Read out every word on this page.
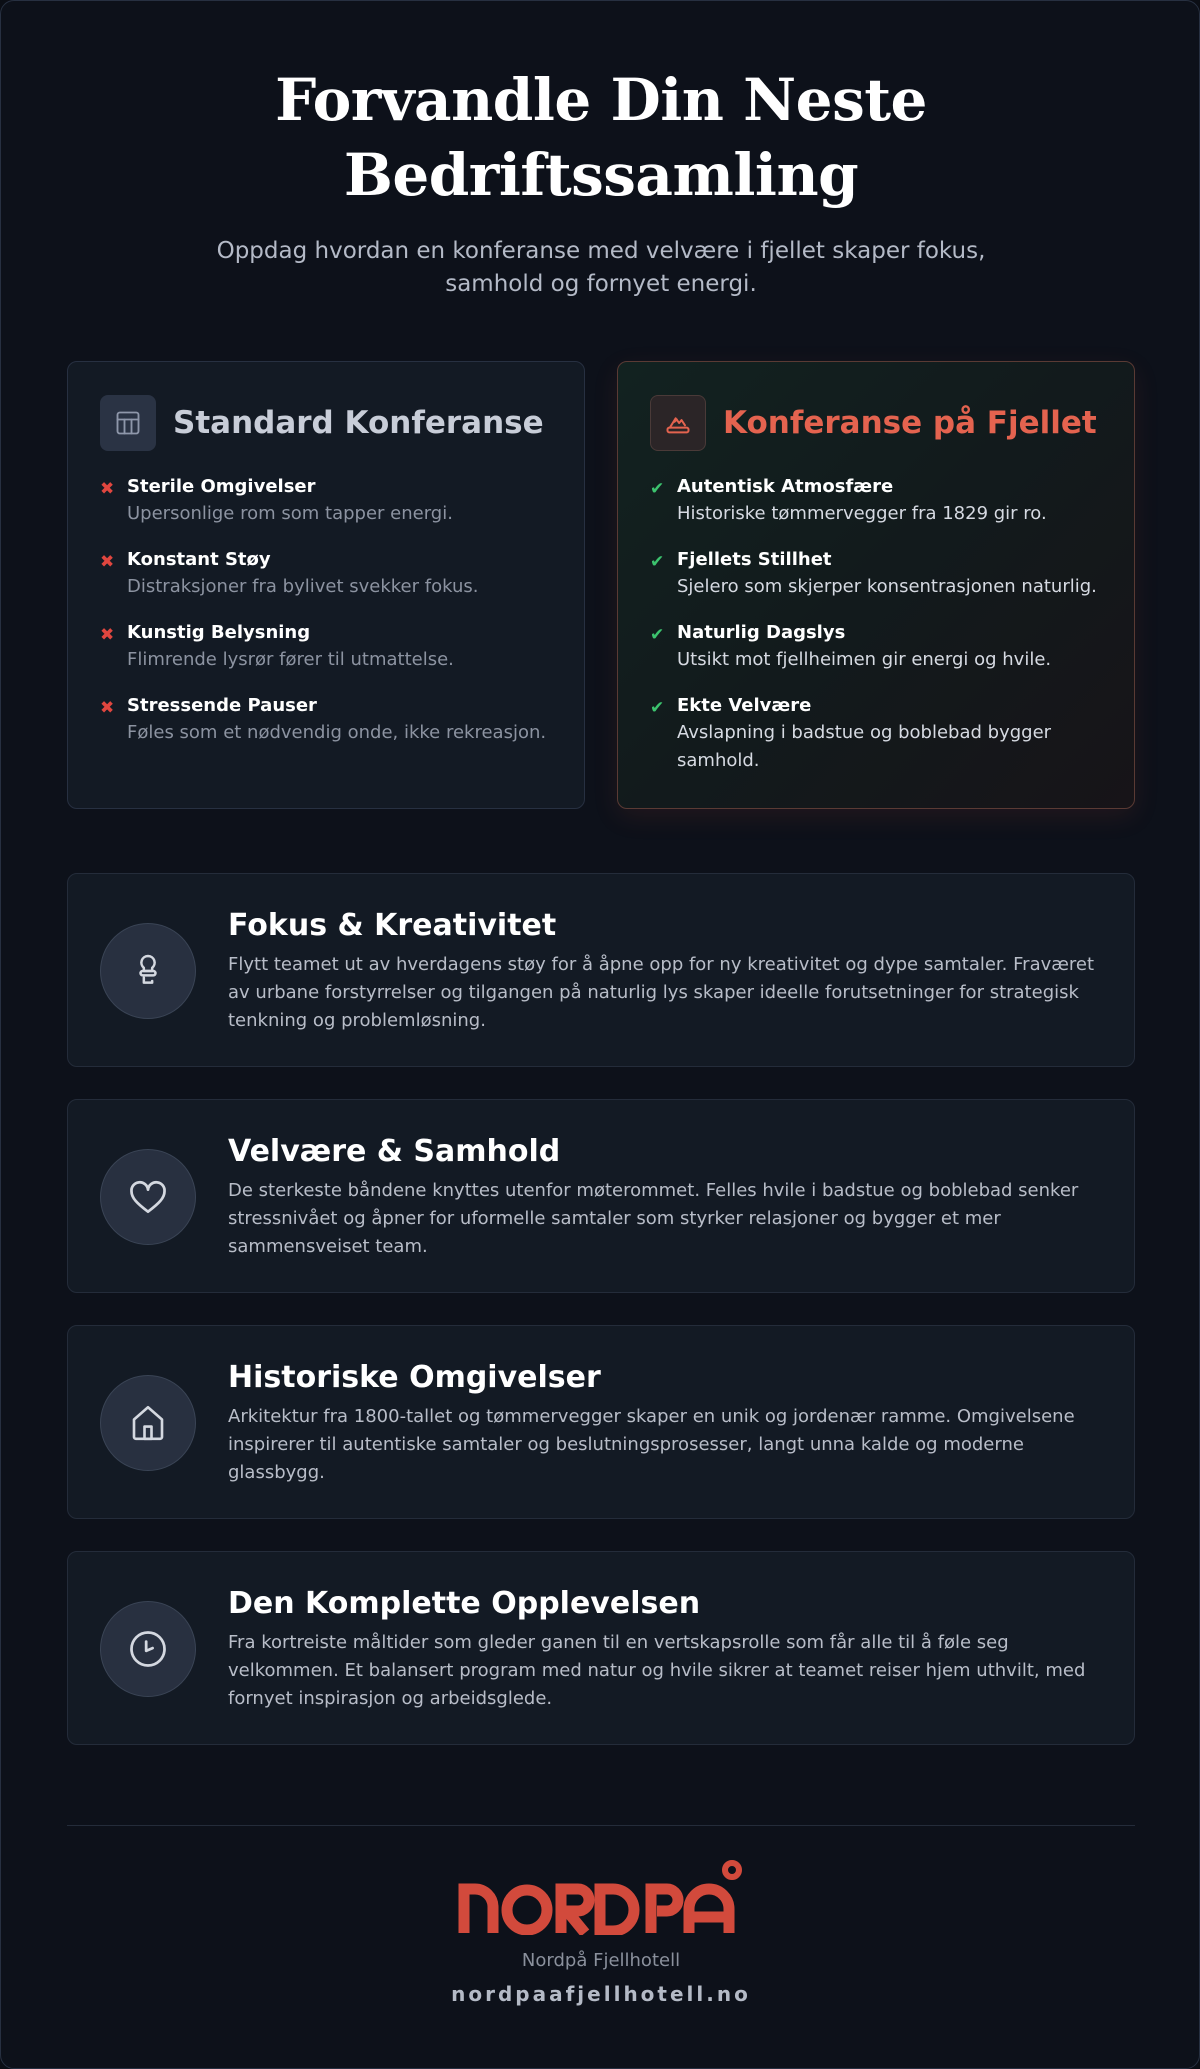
Forvandle Din Neste
Bedriftssamling

Oppdag hvordan en konferanse med velvære i fjellet skaper fokus, samhold og fornyet energi.

Standard Konferanse
✖ Sterile Omgivelser
Upersonlige rom som tapper energi.
✖ Konstant Støy
Distraksjoner fra bylivet svekker fokus.
✖ Kunstig Belysning
Flimrende lysrør fører til utmattelse.
✖ Stressende Pauser
Føles som et nødvendig onde, ikke rekreasjon.
Konferanse på Fjellet
✔ Autentisk Atmosfære
Historiske tømmervegger fra 1829 gir ro.
✔ Fjellets Stillhet
Sjelero som skjerper konsentrasjonen naturlig.
✔ Naturlig Dagslys
Utsikt mot fjellheimen gir energi og hvile.
✔ Ekte Velvære
Avslapning i badstue og boblebad bygger samhold.
Fokus & Kreativitet

Flytt teamet ut av hverdagens støy for å åpne opp for ny kreativitet og dype samtaler. Fraværet av urbane forstyrrelser og tilgangen på naturlig lys skaper ideelle forutsetninger for strategisk tenkning og problemløsning.

Velvære & Samhold

De sterkeste båndene knyttes utenfor møterommet. Felles hvile i badstue og boblebad senker stressnivået og åpner for uformelle samtaler som styrker relasjoner og bygger et mer sammensveiset team.

Historiske Omgivelser

Arkitektur fra 1800-tallet og tømmervegger skaper en unik og jordenær ramme. Omgivelsene inspirerer til autentiske samtaler og beslutningsprosesser, langt unna kalde og moderne glassbygg.

Den Komplette Opplevelsen

Fra kortreiste måltider som gleder ganen til en vertskapsrolle som får alle til å føle seg velkommen. Et balansert program med natur og hvile sikrer at teamet reiser hjem uthvilt, med fornyet inspirasjon og arbeidsglede.

Nordpå Fjellhotell
nordpaafjellhotell.no
